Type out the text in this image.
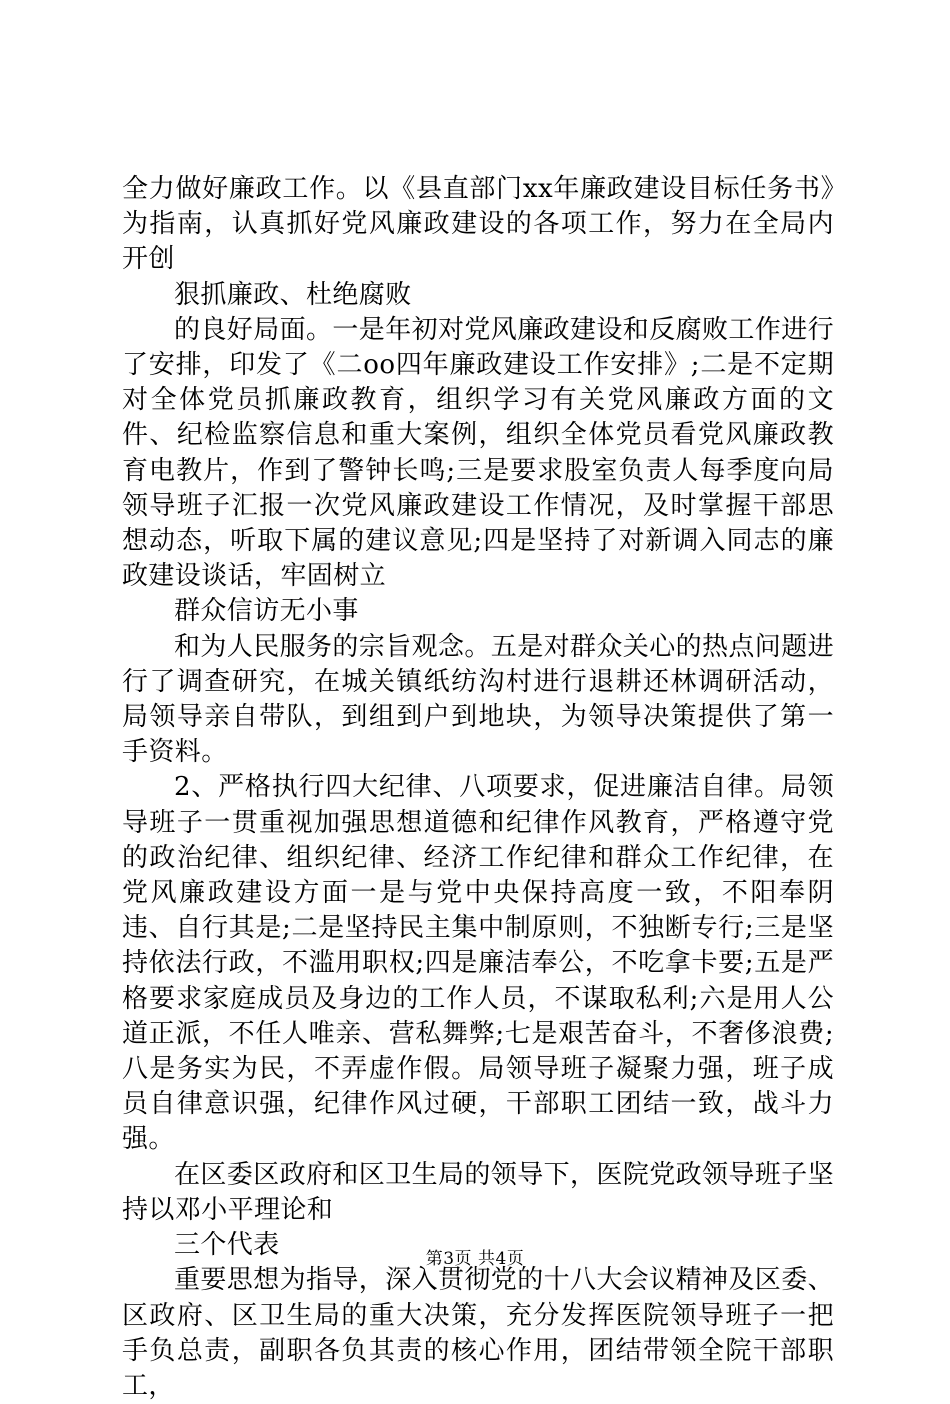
全力做好廉政工作。以《县直部门xx年廉政建设目标任务书》为指南，认真抓好党风廉政建设的各项工作，努力在全局内开创

狠抓廉政、杜绝腐败

的良好局面。一是年初对党风廉政建设和反腐败工作进行了安排，印发了《二oo四年廉政建设工作安排》;二是不定期对全体党员抓廉政教育，组织学习有关党风廉政方面的文件、纪检监察信息和重大案例，组织全体党员看党风廉政教育电教片，作到了警钟长鸣;三是要求股室负责人每季度向局领导班子汇报一次党风廉政建设工作情况，及时掌握干部思想动态，听取下属的建议意见;四是坚持了对新调入同志的廉政建设谈话，牢固树立

群众信访无小事

和为人民服务的宗旨观念。五是对群众关心的热点问题进行了调查研究，在城关镇纸纺沟村进行退耕还林调研活动，局领导亲自带队，到组到户到地块，为领导决策提供了第一手资料。

2、严格执行四大纪律、八项要求，促进廉洁自律。局领导班子一贯重视加强思想道德和纪律作风教育，严格遵守党的政治纪律、组织纪律、经济工作纪律和群众工作纪律，在党风廉政建设方面一是与党中央保持高度一致，不阳奉阴违、自行其是;二是坚持民主集中制原则，不独断专行;三是坚持依法行政，不滥用职权;四是廉洁奉公，不吃拿卡要;五是严格要求家庭成员及身边的工作人员，不谋取私利;六是用人公道正派，不任人唯亲、营私舞弊;七是艰苦奋斗，不奢侈浪费;八是务实为民，不弄虚作假。局领导班子凝聚力强，班子成员自律意识强，纪律作风过硬，干部职工团结一致，战斗力强。

在区委区政府和区卫生局的领导下，医院党政领导班子坚持以邓小平理论和

三个代表

重要思想为指导，深入贯彻党的十八大会议精神及区委、区政府、区卫生局的重大决策，充分发挥医院领导班子一把手负总责，副职各负其责的核心作用，团结带领全院干部职工，

第3页 共4页
